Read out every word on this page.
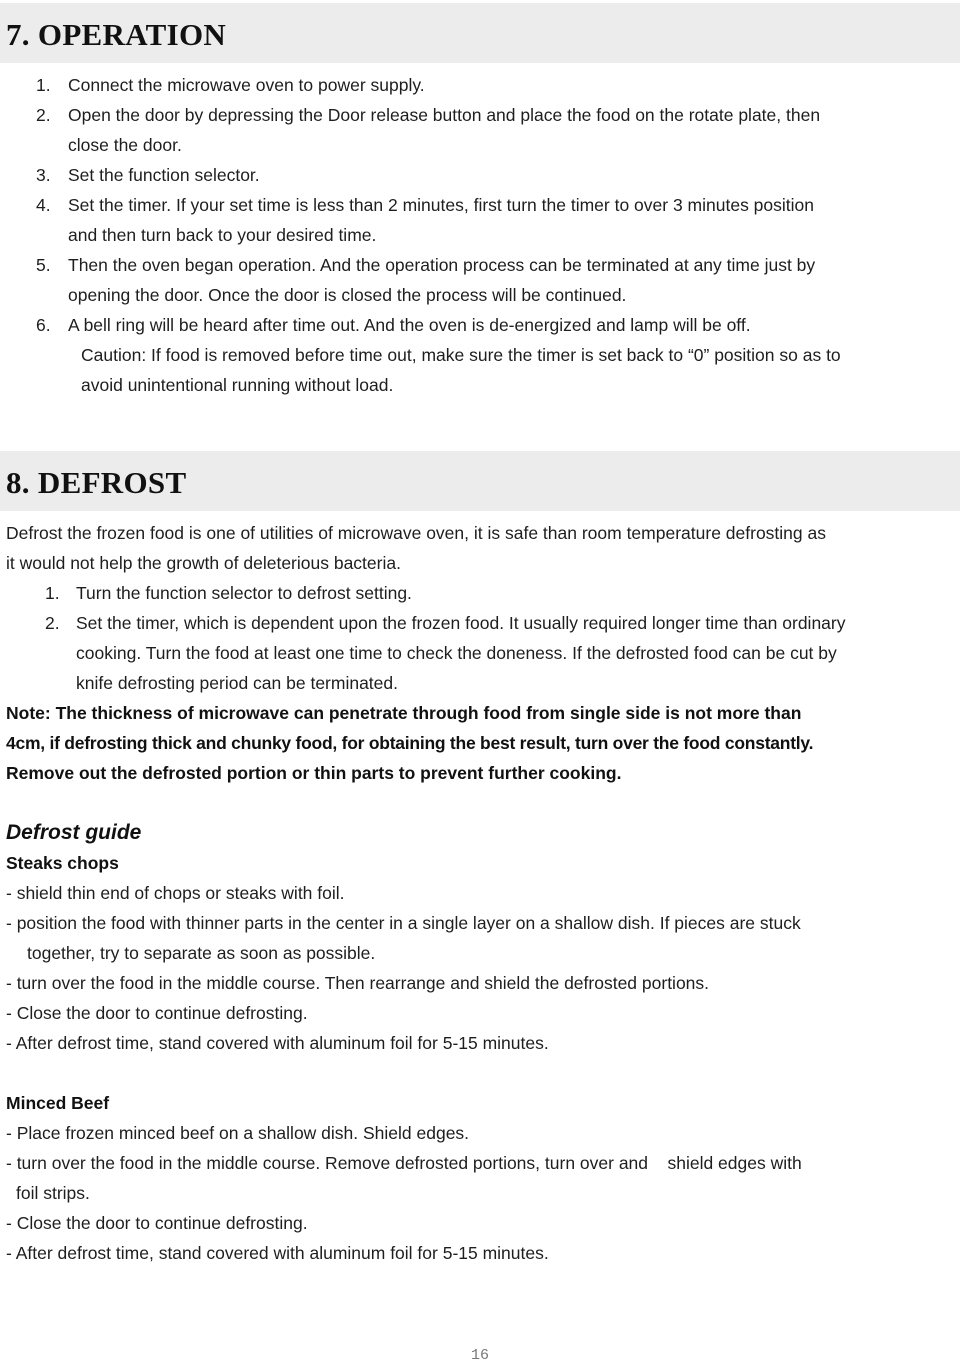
7. OPERATION
1. Connect the microwave oven to power supply.
2. Open the door by depressing the Door release button and place the food on the rotate plate, then
close the door.
3. Set the function selector.
4. Set the timer. If your set time is less than 2 minutes, first turn the timer to over 3 minutes position
and then turn back to your desired time.
5. Then the oven began operation. And the operation process can be terminated at any time just by
opening the door. Once the door is closed the process will be continued.
6. A bell ring will be heard after time out. And the oven is de-energized and lamp will be off.
Caution: If food is removed before time out, make sure the timer is set back to “0” position so as to
avoid unintentional running without load.
8. DEFROST
Defrost the frozen food is one of utilities of microwave oven, it is safe than room temperature defrosting as
it would not help the growth of deleterious bacteria.
1. Turn the function selector to defrost setting.
2. Set the timer, which is dependent upon the frozen food. It usually required longer time than ordinary
cooking. Turn the food at least one time to check the doneness. If the defrosted food can be cut by
knife defrosting period can be terminated.
Note: The thickness of microwave can penetrate through food from single side is not more than
4cm, if defrosting thick and chunky food, for obtaining the best result, turn over the food constantly.
Remove out the defrosted portion or thin parts to prevent further cooking.
Defrost guide
Steaks chops
- shield thin end of chops or steaks with foil.
- position the food with thinner parts in the center in a single layer on a shallow dish. If pieces are stuck
together, try to separate as soon as possible.
- turn over the food in the middle course. Then rearrange and shield the defrosted portions.
- Close the door to continue defrosting.
- After defrost time, stand covered with aluminum foil for 5-15 minutes.
Minced Beef
- Place frozen minced beef on a shallow dish. Shield edges.
- turn over the food in the middle course. Remove defrosted portions, turn over and    shield edges with
foil strips.
- Close the door to continue defrosting.
- After defrost time, stand covered with aluminum foil for 5-15 minutes.
16
